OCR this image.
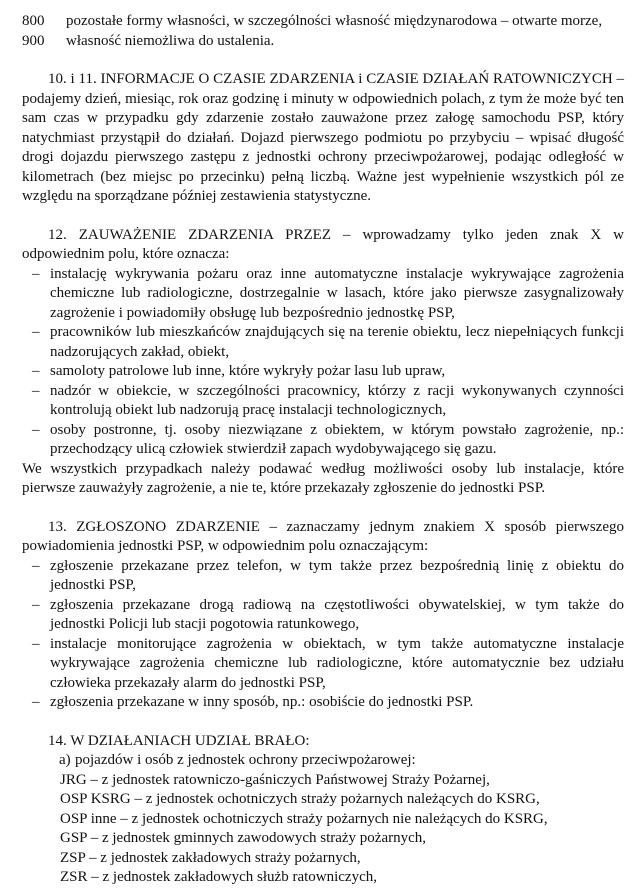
800	pozostałe formy własności, w szczególności własność międzynarodowa – otwarte morze,
900	własność niemożliwa do ustalenia.

10. i 11. INFORMACJE O CZASIE ZDARZENIA i CZASIE DZIAŁAŃ RATOWNICZYCH – podajemy dzień, miesiąc, rok oraz godzinę i minuty w odpowiednich polach, z tym że może być ten sam czas w przypadku gdy zdarzenie zostało zauważone przez załogę samochodu PSP, który natychmiast przystąpił do działań. Dojazd pierwszego podmiotu po przybyciu – wpisać długość drogi dojazdu pierwszego zastępu z jednostki ochrony przeciwpożarowej, podając odległość w kilometrach (bez miejsc po przecinku) pełną liczbą. Ważne jest wypełnienie wszystkich pól ze względu na sporządzane później zestawienia statystyczne.

12. ZAUWAŻENIE ZDARZENIA PRZEZ – wprowadzamy tylko jeden znak X w odpowiednim polu, które oznacza:

– instalację wykrywania pożaru oraz inne automatyczne instalacje wykrywające zagrożenia chemiczne lub radiologiczne, dostrzegalnie w lasach, które jako pierwsze zasygnalizowały zagrożenie i powiadomiły obsługę lub bezpośrednio jednostkę PSP,
– pracowników lub mieszkańców znajdujących się na terenie obiektu, lecz niepełniących funkcji nadzorujących zakład, obiekt,
– samoloty patrolowe lub inne, które wykryły pożar lasu lub upraw,
– nadzór w obiekcie, w szczególności pracownicy, którzy z racji wykonywanych czynności kontrolują obiekt lub nadzorują pracę instalacji technologicznych,
– osoby postronne, tj. osoby niezwiązane z obiektem, w którym powstało zagrożenie, np.: przechodzący ulicą człowiek stwierdził zapach wydobywającego się gazu.

We wszystkich przypadkach należy podawać według możliwości osoby lub instalacje, które pierwsze zauważyły zagrożenie, a nie te, które przekazały zgłoszenie do jednostki PSP.

13. ZGŁOSZONO ZDARZENIE – zaznaczamy jednym znakiem X sposób pierwszego powiadomienia jednostki PSP, w odpowiednim polu oznaczającym:

– zgłoszenie przekazane przez telefon, w tym także przez bezpośrednią linię z obiektu do jednostki PSP,
– zgłoszenia przekazane drogą radiową na częstotliwości obywatelskiej, w tym także do jednostki Policji lub stacji pogotowia ratunkowego,
– instalacje monitorujące zagrożenia w obiektach, w tym także automatyczne instalacje wykrywające zagrożenia chemiczne lub radiologiczne, które automatycznie bez udziału człowieka przekazały alarm do jednostki PSP,
– zgłoszenia przekazane w inny sposób, np.: osobiście do jednostki PSP.

14. W DZIAŁANIACH UDZIAŁ BRAŁO:

a) pojazdów i osób z jednostek ochrony przeciwpożarowej:

JRG – z jednostek ratowniczo-gaśniczych Państwowej Straży Pożarnej,

OSP KSRG – z jednostek ochotniczych straży pożarnych należących do KSRG,

OSP inne – z jednostek ochotniczych straży pożarnych nie należących do KSRG,

GSP – z jednostek gminnych zawodowych straży pożarnych,

ZSP – z jednostek zakładowych straży pożarnych,

ZSR – z jednostek zakładowych służb ratowniczych,
